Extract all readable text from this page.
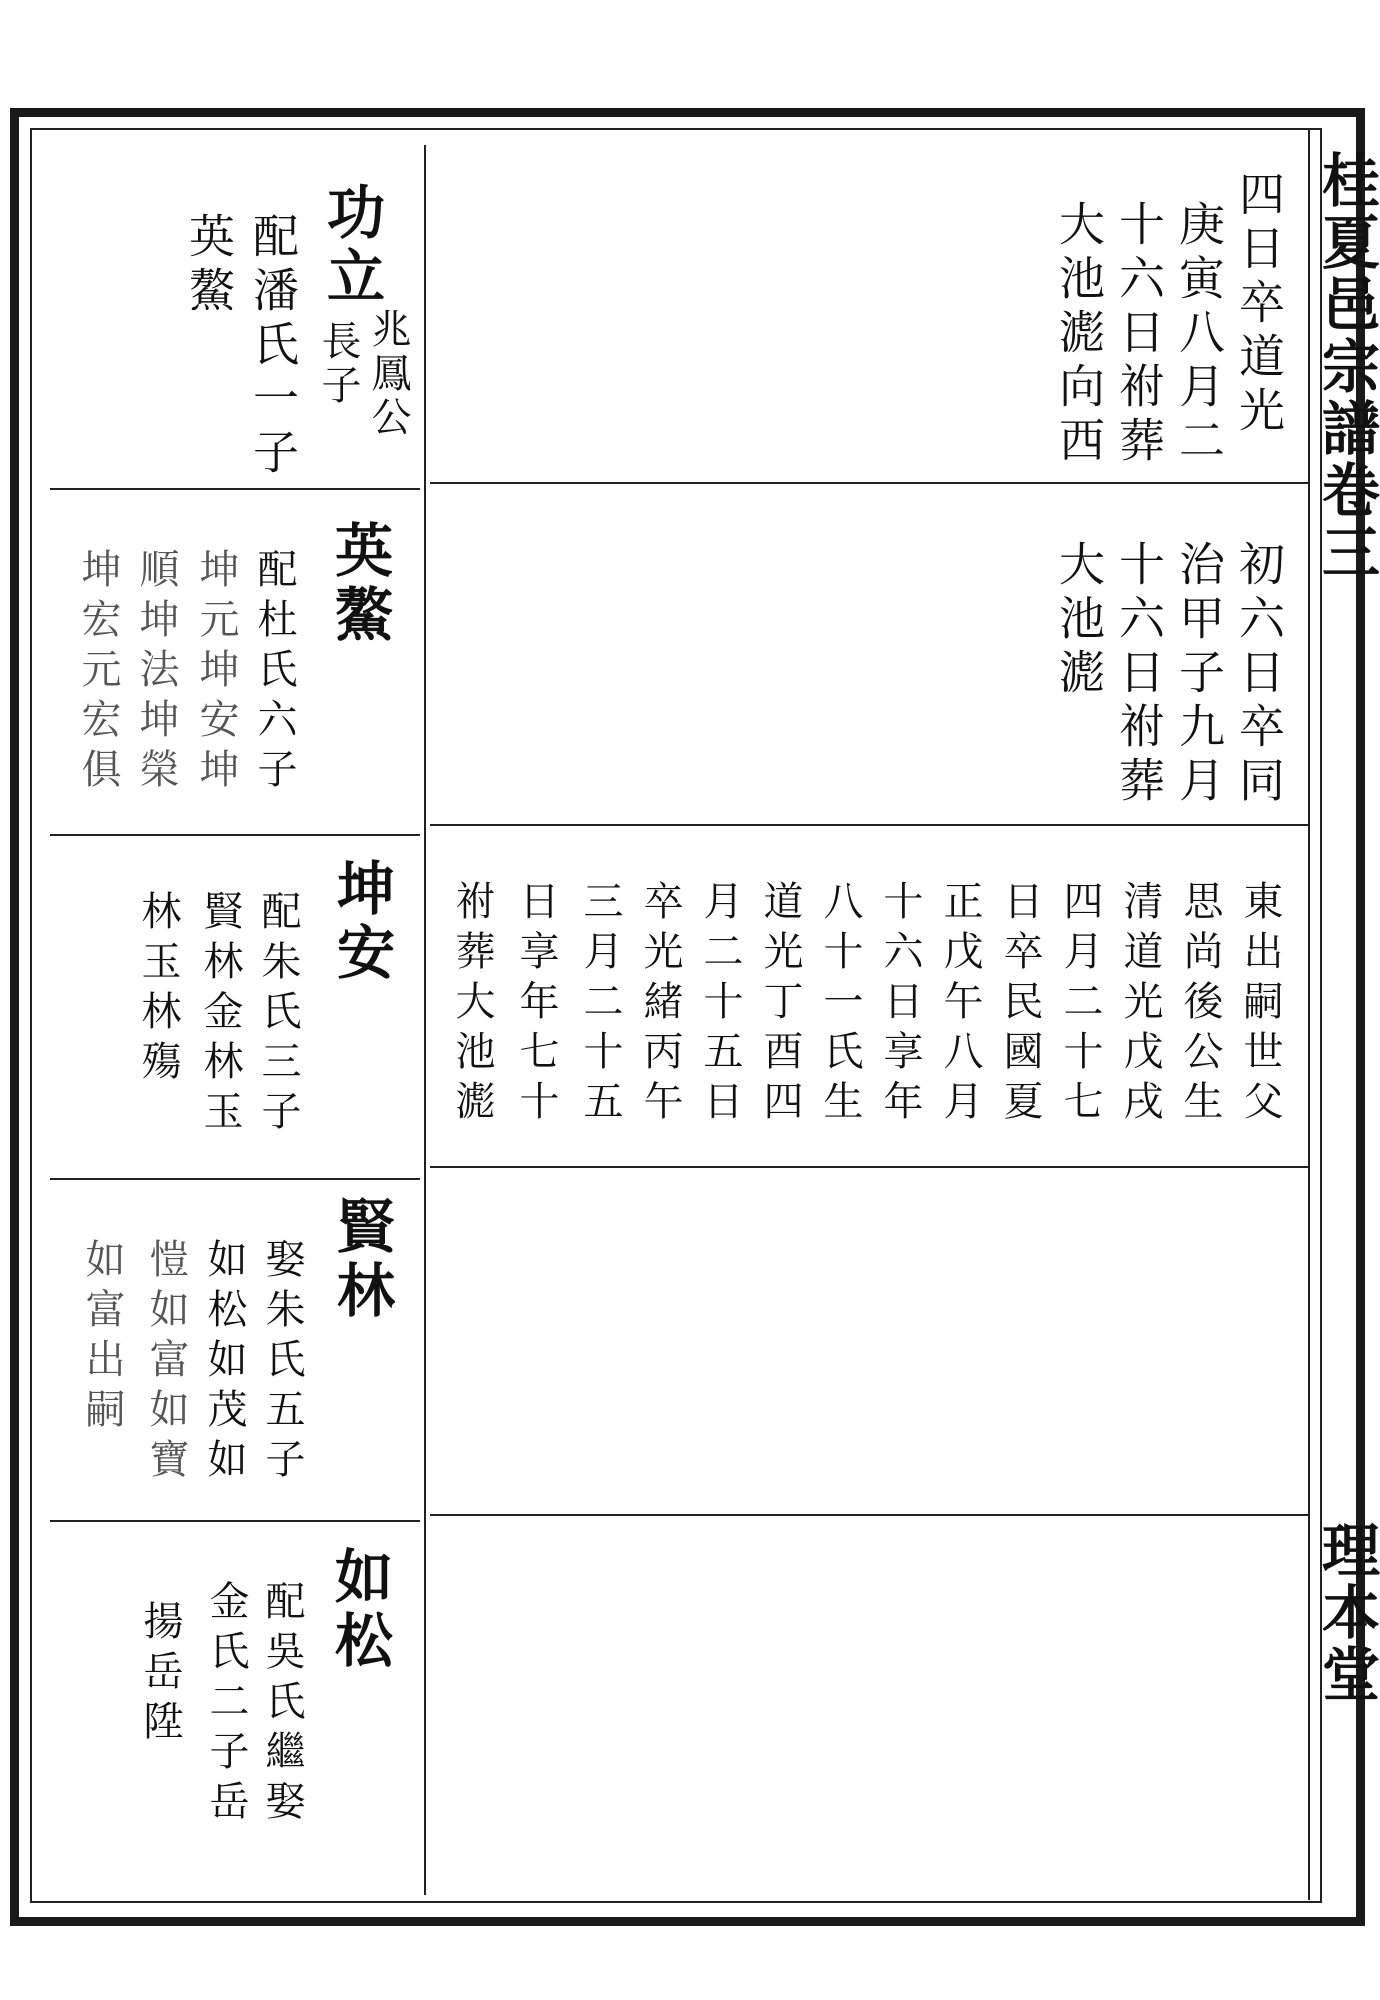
桂夏邑宗譜卷三
理本堂
功立
兆鳳公
長子
配潘氏一子
英鰲	四日卒道光
庚寅八月二
十六日祔葬
大池滮向西
英鰲
配杜氏六子
坤元坤安坤
順坤法坤榮
坤宏元宏俱	初六日卒同
治甲子九月
十六日祔葬
大池滮
坤安
配朱氏三子
賢林金林玉
林玉林殤	東出嗣世父
思尚後公生
清道光戊戌
四月二十七
日卒民國夏
正戊午八月
十六日享年
八十一氏生
道光丁酉四
月二十五日
卒光緒丙午
三月二十五
日享年七十
祔葬大池滮
賢林
娶朱氏五子
如松如茂如
愷如富如寶
如富出嗣
如松
配吳氏繼娶
金氏二子岳
揚岳陞
